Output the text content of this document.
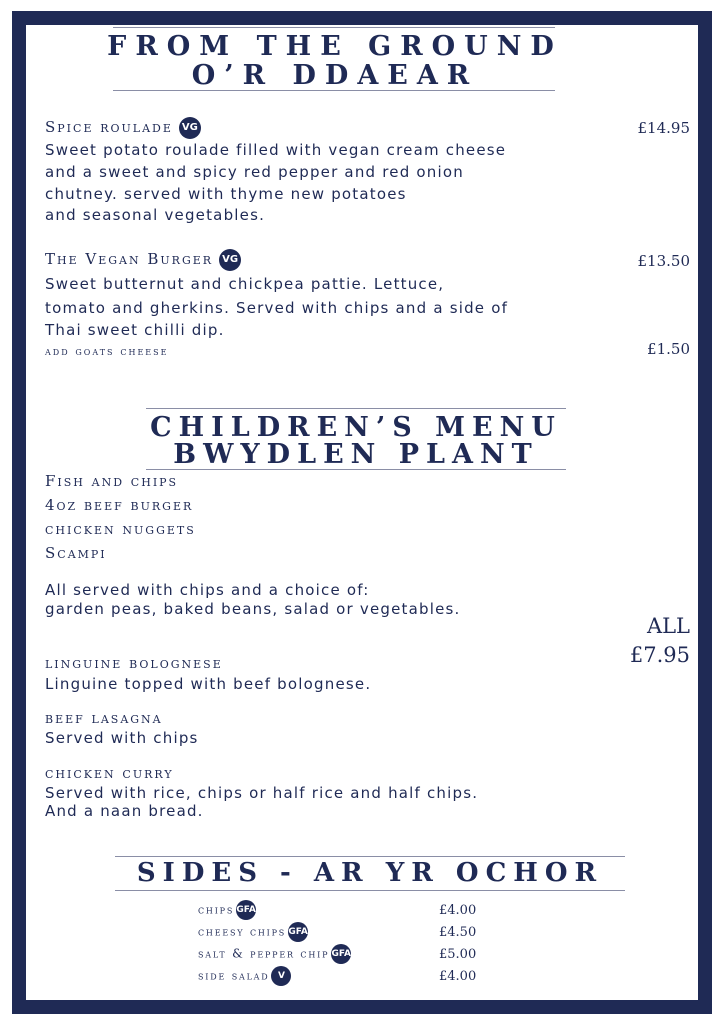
FROM THE GROUND
O’R DDAEAR
Spice roulade VG	£14.95
Sweet potato roulade filled with vegan cream cheese
and a sweet and spicy red pepper and red onion
chutney. served with thyme new potatoes
and seasonal vegetables.
The Vegan Burger VG	£13.50
Sweet butternut and chickpea pattie. Lettuce,
tomato and gherkins. Served with chips and a side of
Thai sweet chilli dip.
add goats cheese	£1.50
CHILDREN’S MENU
BWYDLEN PLANT
Fish and chips
4oz beef burger
chicken nuggets
Scampi
All served with chips and a choice of:
garden peas, baked beans, salad or vegetables.
ALL
£7.95
linguine bolognese
Linguine topped with beef bolognese.
beef lasagna
Served with chips
chicken curry
Served with rice, chips or half rice and half chips.
And a naan bread.
SIDES - AR YR OCHOR
chips GFA	£4.00
cheesy chips GFA	£4.50
salt & pepper chip GFA	£5.00
side salad V	£4.00
